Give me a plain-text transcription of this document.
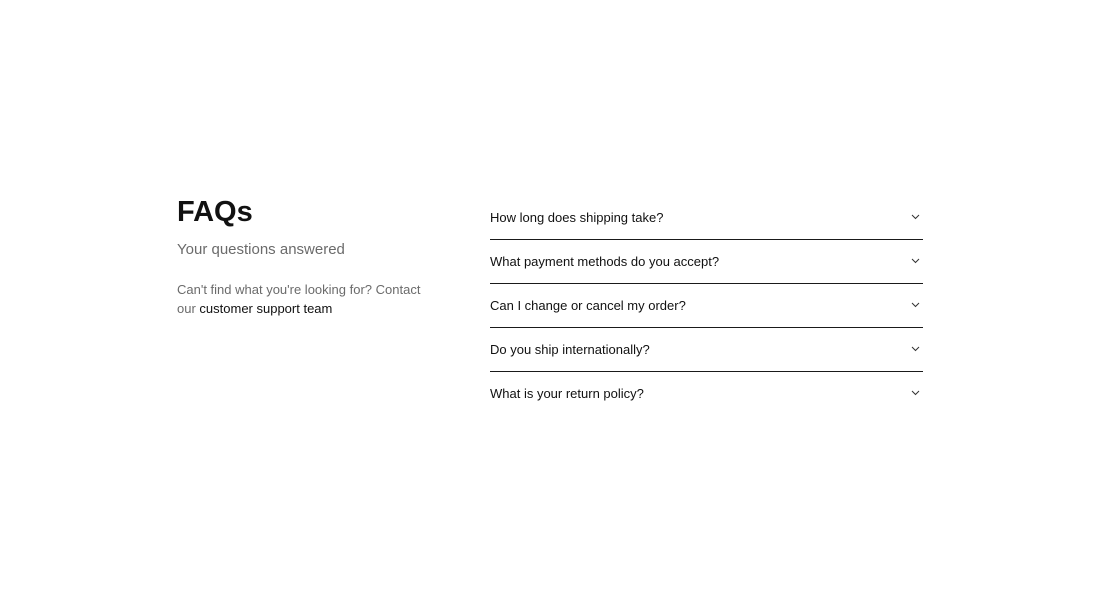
FAQs

Your questions answered

Can't find what you're looking for? Contact our customer support team

How long does shipping take?
What payment methods do you accept?
Can I change or cancel my order?
Do you ship internationally?
What is your return policy?
